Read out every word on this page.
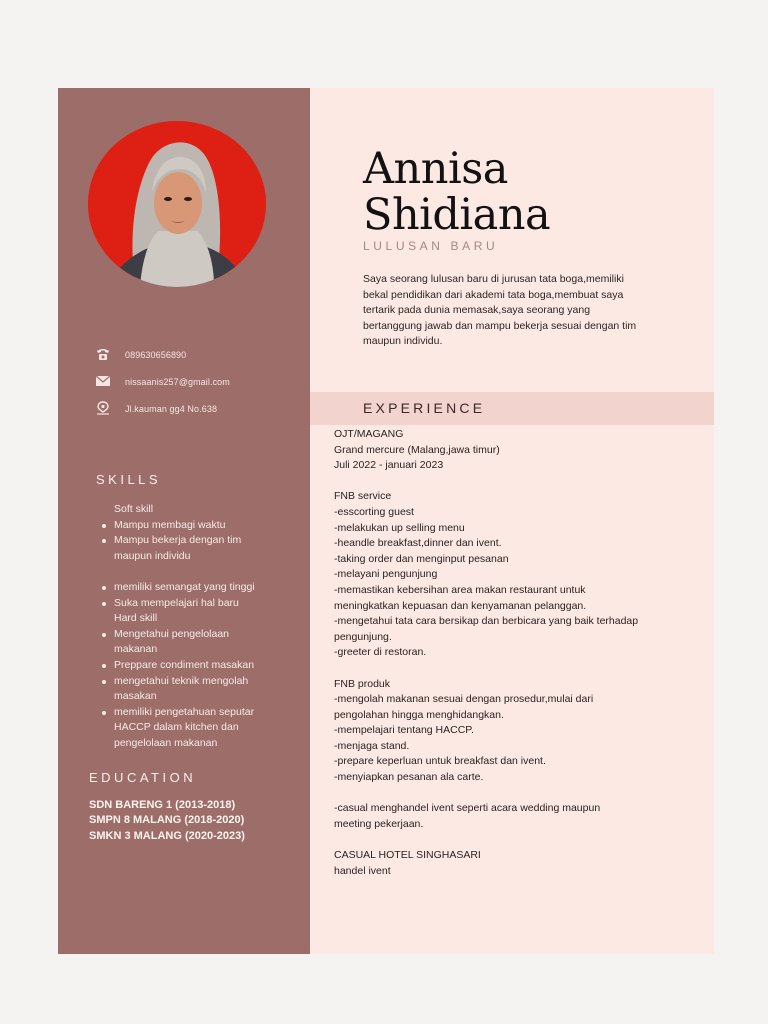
089630656890
nissaanis257@gmail.com
Jl.kauman gg4 No.638
SKILLS
Soft skill
Mampu membagi waktu
Mampu bekerja dengan tim
maupun individu
memiliki semangat yang tinggi
Suka mempelajari hal baru
Hard skill
Mengetahui pengelolaan
makanan
Preppare condiment masakan
mengetahui teknik mengolah
masakan
memiliki pengetahuan seputar
HACCP dalam kitchen dan
pengelolaan makanan
EDUCATION
SDN BARENG 1 (2013-2018)
SMPN 8 MALANG (2018-2020)
SMKN 3 MALANG (2020-2023)
Annisa
Shidiana
LULUSAN BARU
Saya seorang lulusan baru di jurusan tata boga,memiliki
bekal pendidikan dari akademi tata boga,membuat saya
tertarik pada dunia memasak,saya seorang yang
bertanggung jawab dan mampu bekerja sesuai dengan tim
maupun individu.
EXPERIENCE
OJT/MAGANG
Grand mercure (Malang,jawa timur)
Juli 2022 - januari 2023
FNB service
-esscorting guest
-melakukan up selling menu
-heandle breakfast,dinner dan ivent.
-taking order dan menginput pesanan
-melayani pengunjung
-memastikan kebersihan area makan restaurant untuk
meningkatkan kepuasan dan kenyamanan pelanggan.
-mengetahui tata cara bersikap dan berbicara yang baik terhadap
pengunjung.
-greeter di restoran.
FNB produk
-mengolah makanan sesuai dengan prosedur,mulai dari
pengolahan hingga menghidangkan.
-mempelajari tentang HACCP.
-menjaga stand.
-prepare keperluan untuk breakfast dan ivent.
-menyiapkan pesanan ala carte.
-casual menghandel ivent seperti acara wedding maupun
meeting pekerjaan.
CASUAL HOTEL SINGHASARI
handel ivent
